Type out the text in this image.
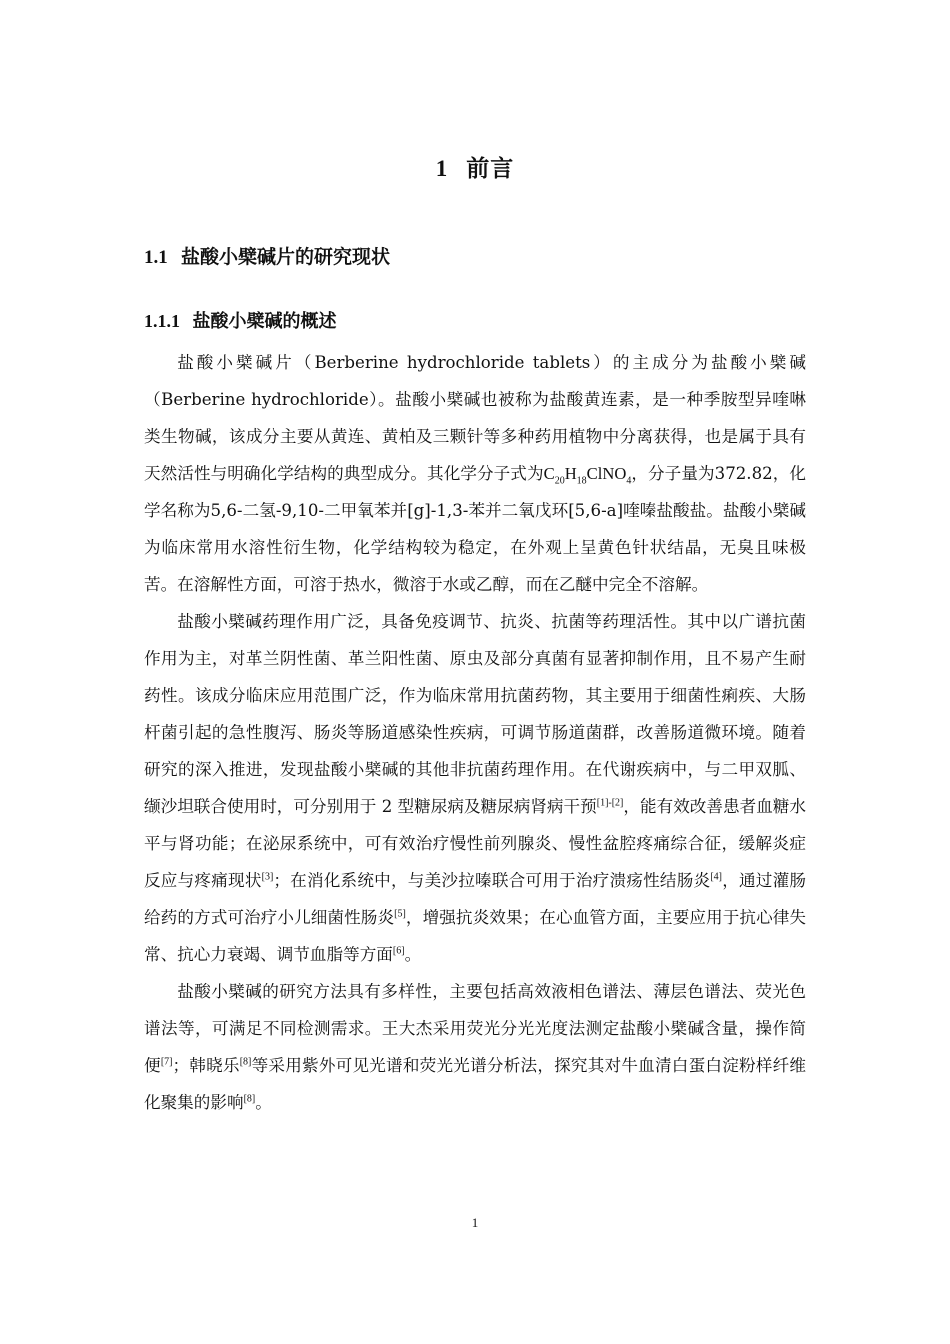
1 前言
1.1 盐酸小檗碱片的研究现状
1.1.1 盐酸小檗碱的概述

盐酸小檗碱片（Berberine hydrochloride tablets）的主成分为盐酸小檗碱（Berberine hydrochloride）。盐酸小檗碱也被称为盐酸黄连素，是一种季胺型异喹啉类生物碱，该成分主要从黄连、黄柏及三颗针等多种药用植物中分离获得，也是属于具有天然活性与明确化学结构的典型成分。其化学分子式为$C_{20}H_{18}ClNO_4$，分子量为372.82，化学名称为5,6-二氢-9,10-二甲氧苯并[g]-1,3-苯并二氧戊环[5,6-a]喹嗪盐酸盐。盐酸小檗碱为临床常用水溶性衍生物，化学结构较为稳定，在外观上呈黄色针状结晶，无臭且味极苦。在溶解性方面，可溶于热水，微溶于水或乙醇，而在乙醚中完全不溶解。

盐酸小檗碱药理作用广泛，具备免疫调节、抗炎、抗菌等药理活性。其中以广谱抗菌作用为主，对革兰阴性菌、革兰阳性菌、原虫及部分真菌有显著抑制作用，且不易产生耐药性。该成分临床应用范围广泛，作为临床常用抗菌药物，其主要用于细菌性痢疾、大肠杆菌引起的急性腹泻、肠炎等肠道感染性疾病，可调节肠道菌群，改善肠道微环境。随着研究的深入推进，发现盐酸小檗碱的其他非抗菌药理作用。在代谢疾病中，与二甲双胍、缬沙坦联合使用时，可分别用于 2 型糖尿病及糖尿病肾病干预[1]-[2]，能有效改善患者血糖水平与肾功能；在泌尿系统中，可有效治疗慢性前列腺炎、慢性盆腔疼痛综合征，缓解炎症反应与疼痛现状[3]；在消化系统中，与美沙拉嗪联合可用于治疗溃疡性结肠炎[4]，通过灌肠给药的方式可治疗小儿细菌性肠炎[5]，增强抗炎效果；在心血管方面，主要应用于抗心律失常、抗心力衰竭、调节血脂等方面[6]。

盐酸小檗碱的研究方法具有多样性，主要包括高效液相色谱法、薄层色谱法、荧光色谱法等，可满足不同检测需求。王大杰采用荧光分光光度法测定盐酸小檗碱含量，操作简便[7]；韩晓乐[8]等采用紫外可见光谱和荧光光谱分析法，探究其对牛血清白蛋白淀粉样纤维化聚集的影响[8]。

1
